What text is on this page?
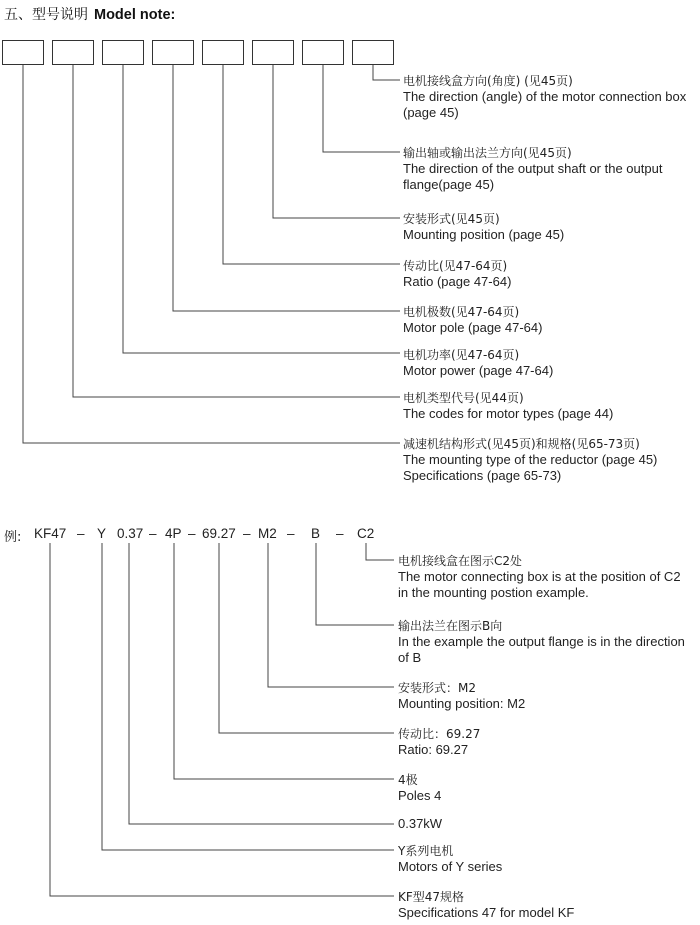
五、型号说明 Model note:
电机接线盒方向(角度) (见45页)
The direction (angle) of the motor connection box
(page 45)
输出轴或输出法兰方向(见45页)
The direction of the output shaft or the output
flange(page 45)
安装形式(见45页)
Mounting position (page 45)
传动比(见47-64页)
Ratio (page 47-64)
电机极数(见47-64页)
Motor pole (page 47-64)
电机功率(见47-64页)
Motor power (page 47-64)
电机类型代号(见44页)
The codes for motor types (page 44)
减速机结构形式(见45页)和规格(见65-73页)
The mounting type of the reductor (page 45)
Specifications (page 65-73)
例: KF47 – Y 0.37 – 4P – 69.27 – M2 – B – C2
电机接线盒在图示C2处
The motor connecting box is at the position of C2
in the mounting postion example.
输出法兰在图示B向
In the example the output flange is in the direction
of B
安装形式：M2
Mounting position: M2
传动比：69.27
Ratio: 69.27
4极
Poles 4
0.37kW
Y系列电机
Motors of Y series
KF型47规格
Specifications 47 for model KF
